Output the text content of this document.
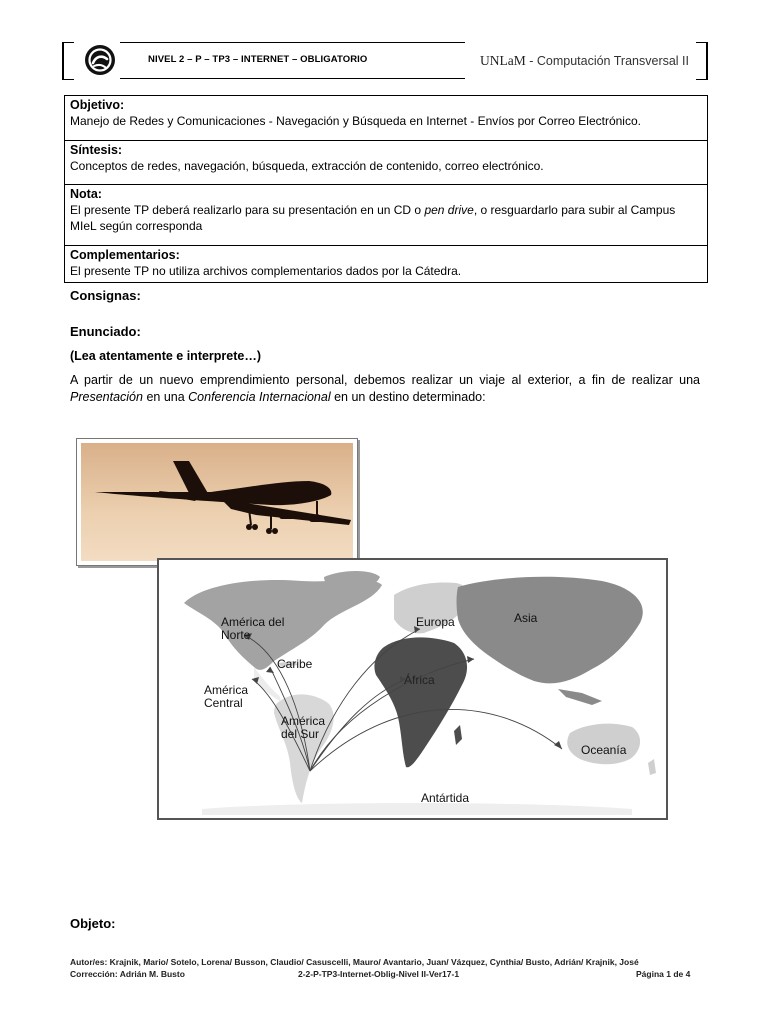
NIVEL 2 – P – TP3 – INTERNET – OBLIGATORIO	UNLaM - Computación Transversal II
Objetivo:
Manejo de Redes y Comunicaciones - Navegación y Búsqueda en Internet - Envíos por Correo Electrónico.
Síntesis:
Conceptos de redes, navegación, búsqueda, extracción de contenido, correo electrónico.
Nota:
El presente TP deberá realizarlo para su presentación en un CD o pen drive, o resguardarlo para subir al Campus MIeL según corresponda
Complementarios:
El presente TP no utiliza archivos complementarios dados por la Cátedra.
Consignas:
Enunciado:
(Lea atentamente e interprete…)
A partir de un nuevo emprendimiento personal, debemos realizar un viaje al exterior, a fin de realizar una Presentación en una Conferencia Internacional en un destino determinado:
América del
Norte
Caribe
América
Central
América
del Sur
Europa	Asia
África
Oceanía
Antártida
Objeto:
Autor/es: Krajnik, Mario/ Sotelo, Lorena/ Busson, Claudio/ Casuscelli, Mauro/ Avantario, Juan/ Vázquez, Cynthia/ Busto, Adrián/ Krajnik, José
Corrección: Adrián M. Busto	2-2-P-TP3-Internet-Oblig-Nivel II-Ver17-1	Página 1 de 4
